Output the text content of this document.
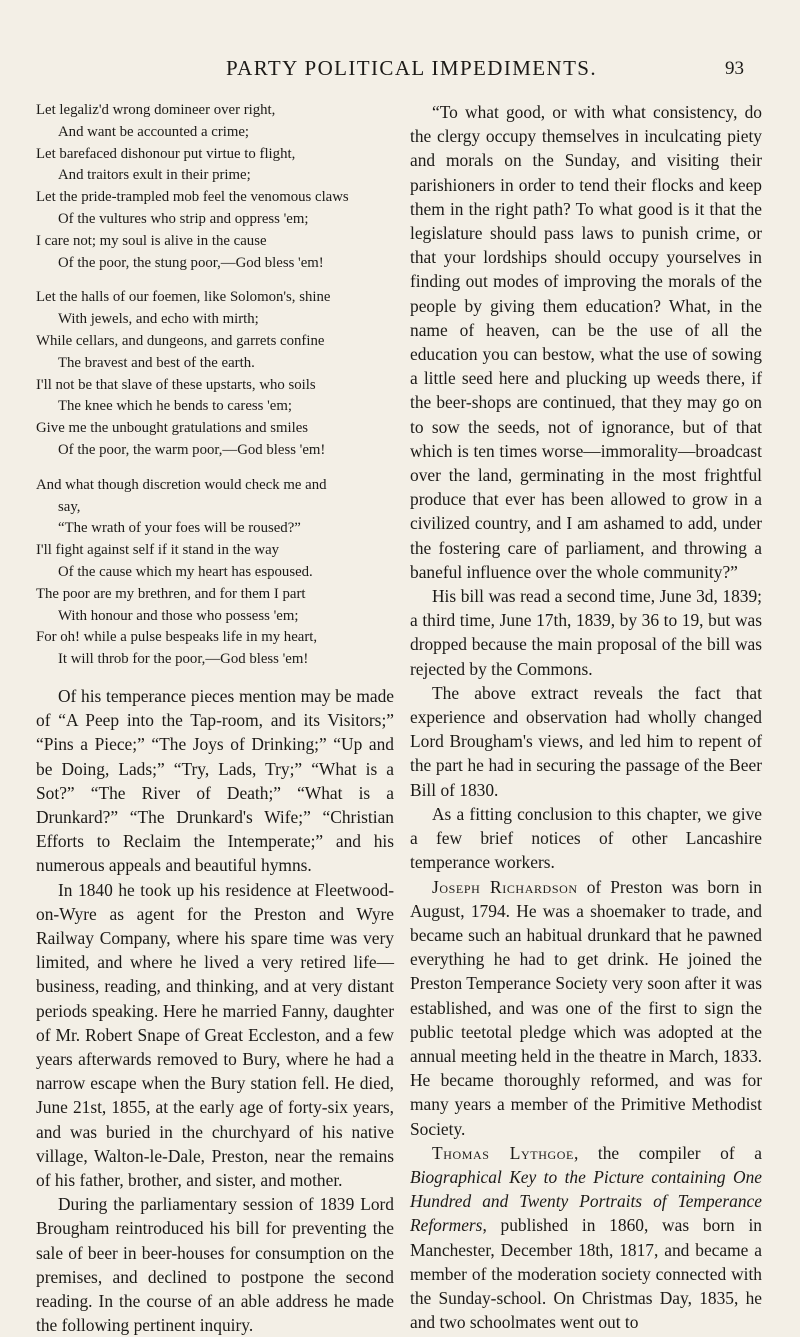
PARTY POLITICAL IMPEDIMENTS.	93
Let legaliz'd wrong domineer over right,
And want be accounted a crime;
Let barefaced dishonour put virtue to flight,
And traitors exult in their prime;
Let the pride-trampled mob feel the venomous claws
Of the vultures who strip and oppress 'em;
I care not; my soul is alive in the cause
Of the poor, the stung poor,—God bless 'em!
Let the halls of our foemen, like Solomon's, shine
With jewels, and echo with mirth;
While cellars, and dungeons, and garrets confine
The bravest and best of the earth.
I'll not be that slave of these upstarts, who soils
The knee which he bends to caress 'em;
Give me the unbought gratulations and smiles
Of the poor, the warm poor,—God bless 'em!
And what though discretion would check me and
say,
“The wrath of your foes will be roused?”
I'll fight against self if it stand in the way
Of the cause which my heart has espoused.
The poor are my brethren, and for them I part
With honour and those who possess 'em;
For oh! while a pulse bespeaks life in my heart,
It will throb for the poor,—God bless 'em!

Of his temperance pieces mention may be made of “A Peep into the Tap-room, and its Visitors;” “Pins a Piece;” “The Joys of Drinking;” “Up and be Doing, Lads;” “Try, Lads, Try;” “What is a Sot?” “The River of Death;” “What is a Drunkard?” “The Drunkard's Wife;” “Christian Efforts to Reclaim the Intemperate;” and his numerous appeals and beautiful hymns.

In 1840 he took up his residence at Fleetwood-on-Wyre as agent for the Preston and Wyre Railway Company, where his spare time was very limited, and where he lived a very retired life—business, reading, and thinking, and at very distant periods speaking. Here he married Fanny, daughter of Mr. Robert Snape of Great Eccleston, and a few years afterwards removed to Bury, where he had a narrow escape when the Bury station fell. He died, June 21st, 1855, at the early age of forty-six years, and was buried in the churchyard of his native village, Walton-le-Dale, Preston, near the remains of his father, brother, and sister, and mother.

During the parliamentary session of 1839 Lord Brougham reintroduced his bill for preventing the sale of beer in beer-houses for consumption on the premises, and declined to postpone the second reading. In the course of an able address he made the following pertinent inquiry.

“To what good, or with what consistency, do the clergy occupy themselves in inculcating piety and morals on the Sunday, and visiting their parishioners in order to tend their flocks and keep them in the right path? To what good is it that the legislature should pass laws to punish crime, or that your lordships should occupy yourselves in finding out modes of improving the morals of the people by giving them education? What, in the name of heaven, can be the use of all the education you can bestow, what the use of sowing a little seed here and plucking up weeds there, if the beer-shops are continued, that they may go on to sow the seeds, not of ignorance, but of that which is ten times worse—immorality—broadcast over the land, germinating in the most frightful produce that ever has been allowed to grow in a civilized country, and I am ashamed to add, under the fostering care of parliament, and throwing a baneful influence over the whole community?”

His bill was read a second time, June 3d, 1839; a third time, June 17th, 1839, by 36 to 19, but was dropped because the main proposal of the bill was rejected by the Commons.

The above extract reveals the fact that experience and observation had wholly changed Lord Brougham's views, and led him to repent of the part he had in securing the passage of the Beer Bill of 1830.

As a fitting conclusion to this chapter, we give a few brief notices of other Lancashire temperance workers.

Joseph Richardson of Preston was born in August, 1794. He was a shoemaker to trade, and became such an habitual drunkard that he pawned everything he had to get drink. He joined the Preston Temperance Society very soon after it was established, and was one of the first to sign the public teetotal pledge which was adopted at the annual meeting held in the theatre in March, 1833. He became thoroughly reformed, and was for many years a member of the Primitive Methodist Society.

Thomas Lythgoe, the compiler of a Biographical Key to the Picture containing One Hundred and Twenty Portraits of Temperance Reformers, published in 1860, was born in Manchester, December 18th, 1817, and became a member of the moderation society connected with the Sunday-school. On Christmas Day, 1835, he and two schoolmates went out to
